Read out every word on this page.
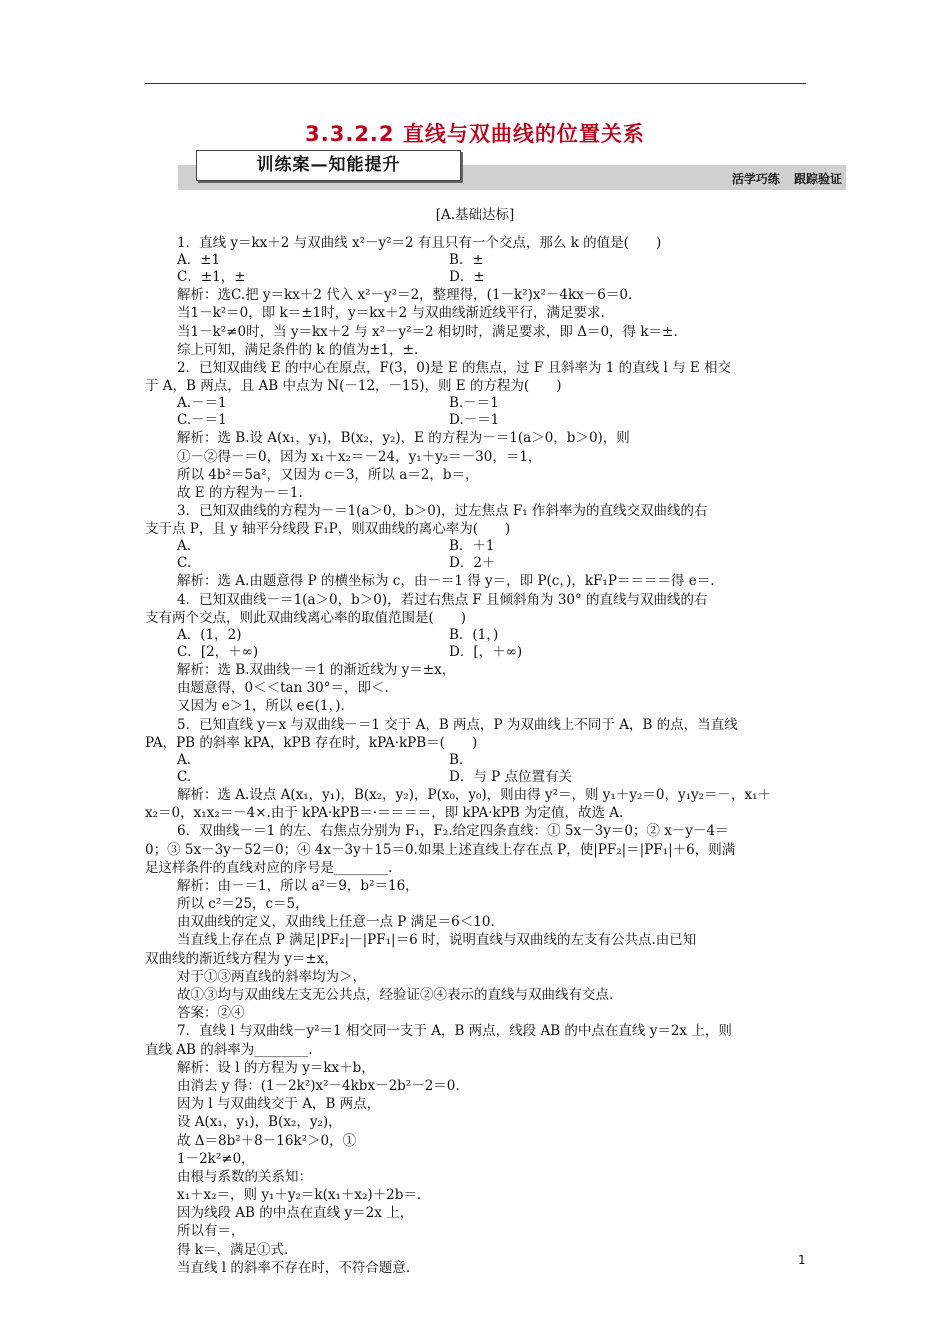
3.3.2.2 直线与双曲线的位置关系
训练案—知能提升
活学巧练 跟踪验证
[A.基础达标]
1．直线 y＝kx＋2 与双曲线 x²－y²＝2 有且只有一个交点，那么 k 的值是(　　)
A．±1	B．±
C．±1，±	D．±
解析：选C.把 y＝kx＋2 代入 x²－y²＝2，整理得，(1－k²)x²－4kx－6＝0.
当1－k²＝0，即 k＝±1时，y＝kx＋2 与双曲线渐近线平行，满足要求.
当1－k²≠0时，当 y＝kx＋2 与 x²－y²＝2 相切时，满足要求，即 Δ＝0，得 k＝±.
综上可知，满足条件的 k 的值为±1，±.
2．已知双曲线 E 的中心在原点，F(3，0)是 E 的焦点，过 F 且斜率为 1 的直线 l 与 E 相交
于 A，B 两点，且 AB 中点为 N(－12，－15)，则 E 的方程为(　　)
A.－＝1	B.－＝1
C.－＝1	D.－＝1
解析：选 B.设 A(x₁，y₁)，B(x₂，y₂)，E 的方程为－＝1(a＞0，b＞0)，则
①－②得－＝0，因为 x₁＋x₂＝－24，y₁＋y₂＝－30，＝1，
所以 4b²＝5a²，又因为 c＝3，所以 a＝2，b＝，
故 E 的方程为－＝1.
3．已知双曲线的方程为－＝1(a＞0，b＞0)，过左焦点 F₁ 作斜率为的直线交双曲线的右
支于点 P，且 y 轴平分线段 F₁P，则双曲线的离心率为(　　)
A.	B．＋1
C.	D．2＋
解析：选 A.由题意得 P 的横坐标为 c，由－＝1 得 y＝，即 P(c，)，kF₁P＝＝＝＝得 e＝.
4．已知双曲线－＝1(a＞0，b＞0)，若过右焦点 F 且倾斜角为 30° 的直线与双曲线的右
支有两个交点，则此双曲线离心率的取值范围是(　　)
A．(1，2)	B．(1，)
C．[2，＋∞)	D．[，＋∞)
解析：选 B.双曲线－＝1 的渐近线为 y＝±x，
由题意得，0＜＜tan 30°＝，即＜.
又因为 e＞1，所以 e∈(1，).
5．已知直线 y＝x 与双曲线－＝1 交于 A，B 两点，P 为双曲线上不同于 A，B 的点，当直线
PA，PB 的斜率 kPA，kPB 存在时，kPA·kPB＝(　　)
A.	B.
C.	D．与 P 点位置有关
解析：选 A.设点 A(x₁，y₁)，B(x₂，y₂)，P(x₀，y₀)，则由得 y²＝，则 y₁＋y₂＝0，y₁y₂＝－，x₁＋
x₂＝0，x₁x₂＝－4×.由于 kPA·kPB＝·＝＝＝＝，即 kPA·kPB 为定值，故选 A.
6．双曲线－＝1 的左、右焦点分别为 F₁，F₂.给定四条直线：① 5x－3y＝0；② x－y－4＝
0；③ 5x－3y－52＝0；④ 4x－3y＋15＝0.如果上述直线上存在点 P，使|PF₂|＝|PF₁|＋6，则满
足这样条件的直线对应的序号是________.
解析：由－＝1，所以 a²＝9，b²＝16，
所以 c²＝25，c＝5，
由双曲线的定义，双曲线上任意一点 P 满足＝6＜10.
当直线上存在点 P 满足|PF₂|－|PF₁|＝6 时，说明直线与双曲线的左支有公共点.由已知
双曲线的渐近线方程为 y＝±x，
对于①③两直线的斜率均为＞，
故①③均与双曲线左支无公共点，经验证②④表示的直线与双曲线有交点.
答案：②④
7．直线 l 与双曲线－y²＝1 相交同一支于 A，B 两点，线段 AB 的中点在直线 y＝2x 上，则
直线 AB 的斜率为________.
解析：设 l 的方程为 y＝kx＋b，
由消去 y 得：(1－2k²)x²－4kbx－2b²－2＝0.
因为 l 与双曲线交于 A，B 两点，
设 A(x₁，y₁)，B(x₂，y₂)，
故 Δ＝8b²＋8－16k²＞0，①
1－2k²≠0，
由根与系数的关系知：
x₁＋x₂＝，则 y₁＋y₂＝k(x₁＋x₂)＋2b＝.
因为线段 AB 的中点在直线 y＝2x 上，
所以有＝，
得 k＝，满足①式.
当直线 l 的斜率不存在时，不符合题意.	1
